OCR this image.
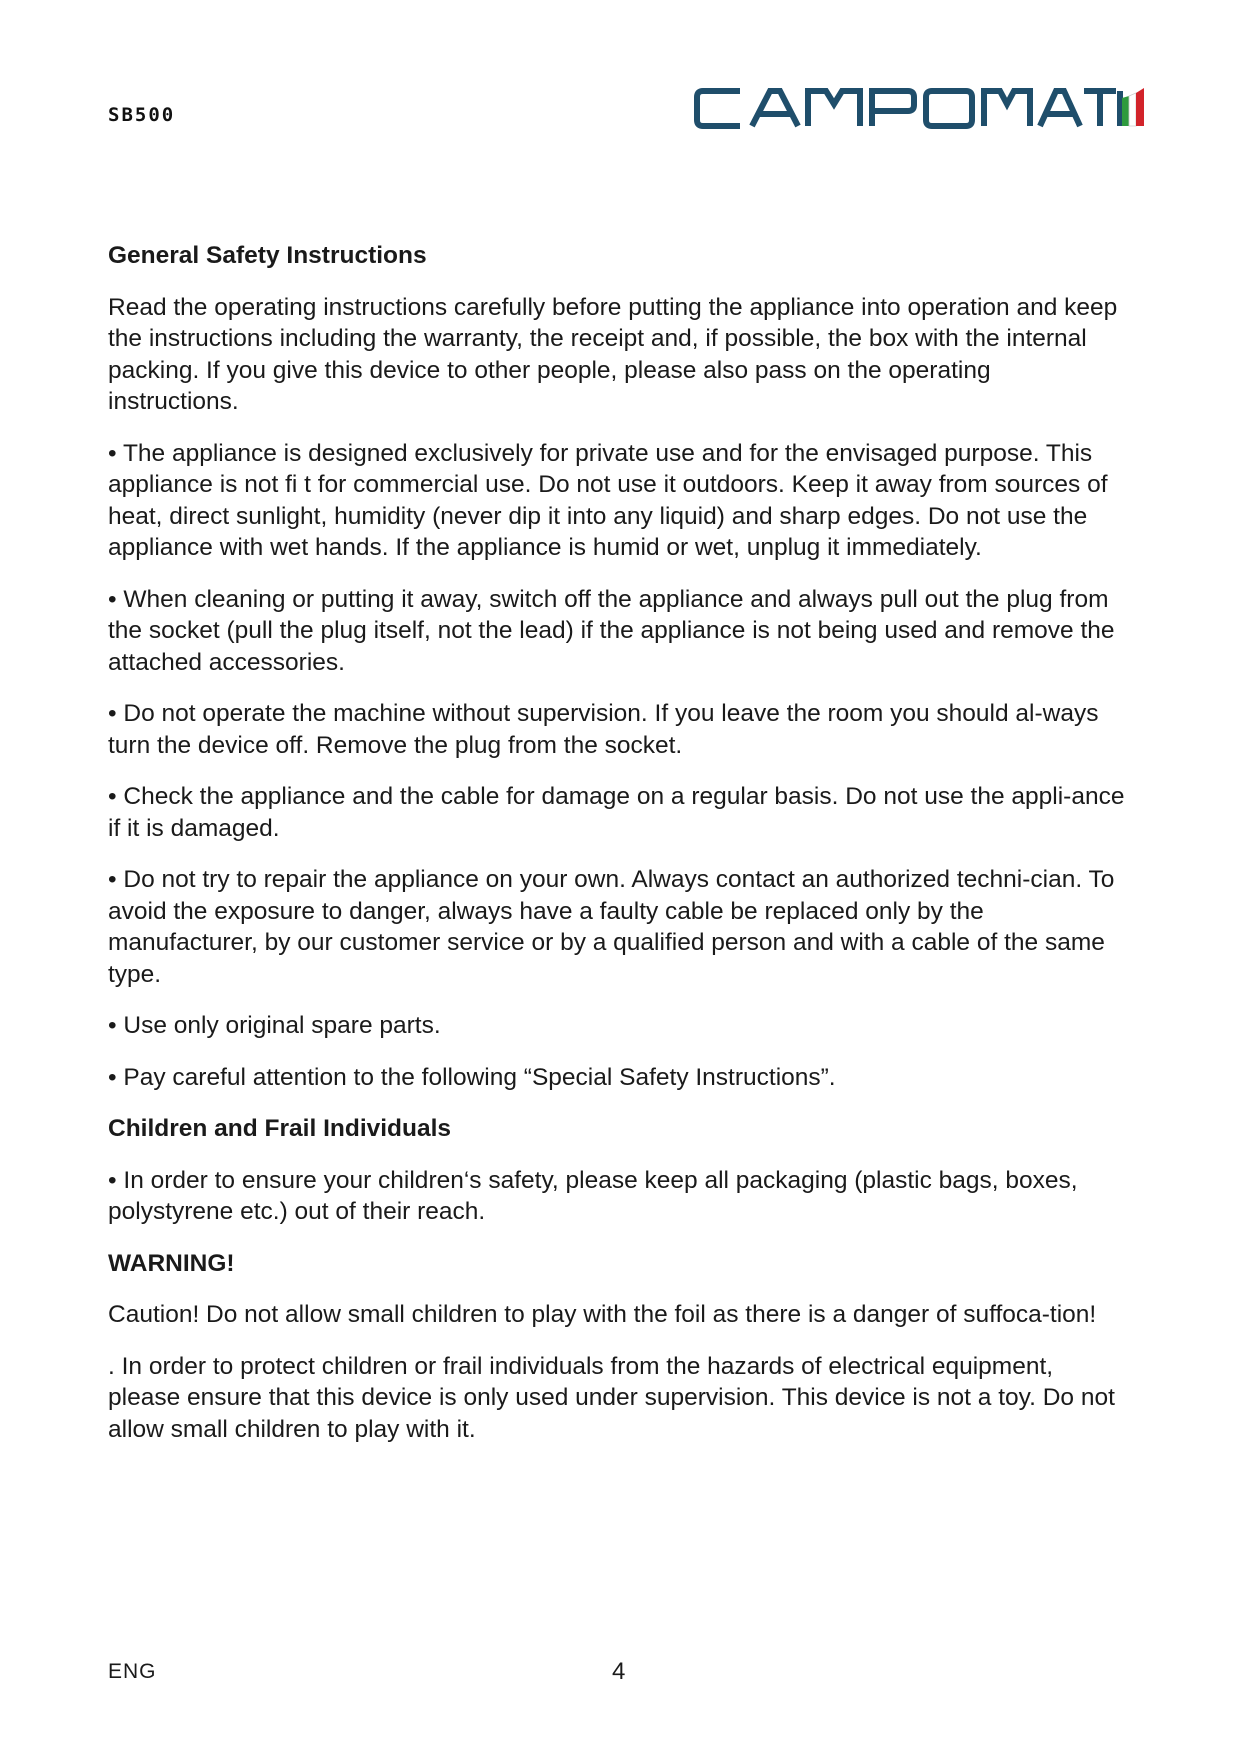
SB500
General Safety Instructions

Read the operating instructions carefully before putting the appliance into operation and keep the instructions including the warranty, the receipt and, if possible, the box with the internal packing. If you give this device to other people, please also pass on the operating instructions.

• The appliance is designed exclusively for private use and for the envisaged purpose. This appliance is not fi t for commercial use. Do not use it outdoors. Keep it away from sources of heat, direct sunlight, humidity (never dip it into any liquid) and sharp edges. Do not use the appliance with wet hands. If the appliance is humid or wet, unplug it immediately.

• When cleaning or putting it away, switch off the appliance and always pull out the plug from the socket (pull the plug itself, not the lead) if the appliance is not being used and remove the attached accessories.

• Do not operate the machine without supervision. If you leave the room you should al-ways turn the device off. Remove the plug from the socket.

• Check the appliance and the cable for damage on a regular basis. Do not use the appli-ance if it is damaged.

• Do not try to repair the appliance on your own. Always contact an authorized techni-cian. To avoid the exposure to danger, always have a faulty cable be replaced only by the manufacturer, by our customer service or by a qualified person and with a cable of the same type.

• Use only original spare parts.

• Pay careful attention to the following “Special Safety Instructions”.

Children and Frail Individuals

• In order to ensure your children‘s safety, please keep all packaging (plastic bags, boxes, polystyrene etc.) out of their reach.

WARNING!

Caution! Do not allow small children to play with the foil as there is a danger of suffoca-tion!

. In order to protect children or frail individuals from the hazards of electrical equipment, please ensure that this device is only used under supervision. This device is not a toy. Do not allow small children to play with it.

ENG	4
